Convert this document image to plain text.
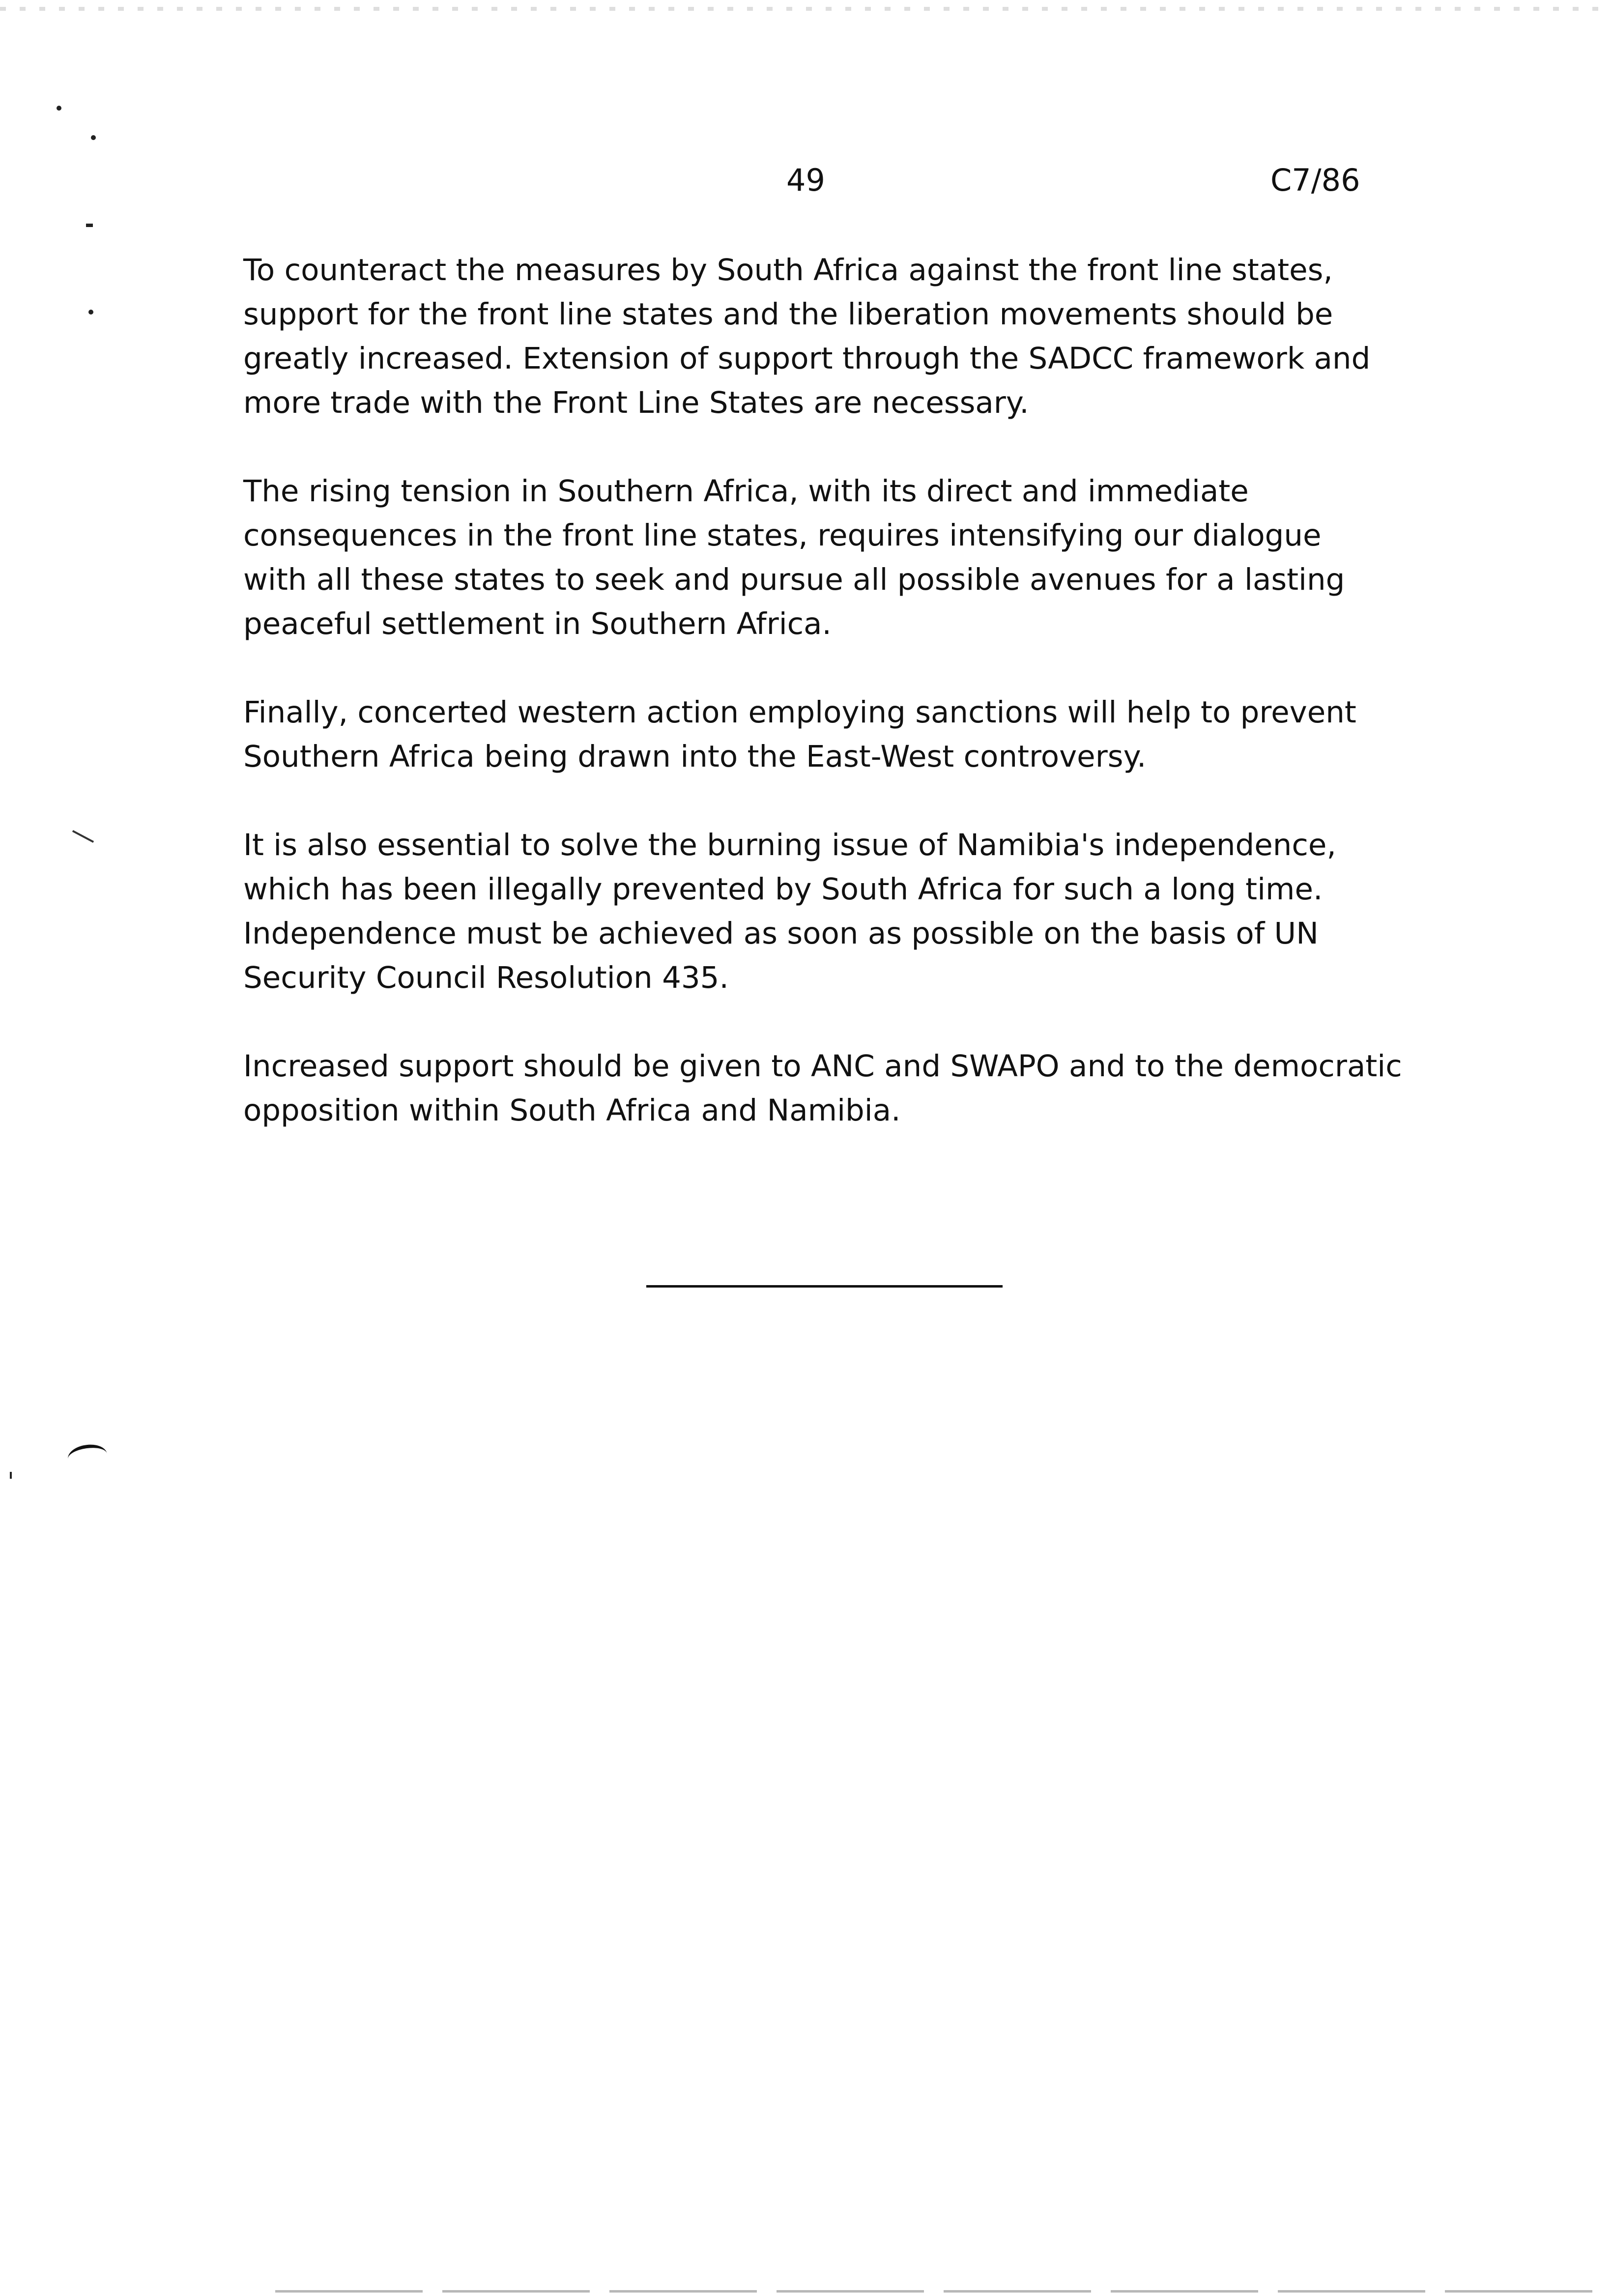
49	C7/86

To counteract the measures by South Africa against the front line states,
support for the front line states and the liberation movements should be
greatly increased. Extension of support through the SADCC framework and
more trade with the Front Line States are necessary.

The rising tension in Southern Africa, with its direct and immediate
consequences in the front line states, requires intensifying our dialogue
with all these states to seek and pursue all possible avenues for a lasting
peaceful settlement in Southern Africa.

Finally, concerted western action employing sanctions will help to prevent
Southern Africa being drawn into the East-West controversy.

It is also essential to solve the burning issue of Namibia's independence,
which has been illegally prevented by South Africa for such a long time.
Independence must be achieved as soon as possible on the basis of UN
Security Council Resolution 435.

Increased support should be given to ANC and SWAPO and to the democratic
opposition within South Africa and Namibia.
